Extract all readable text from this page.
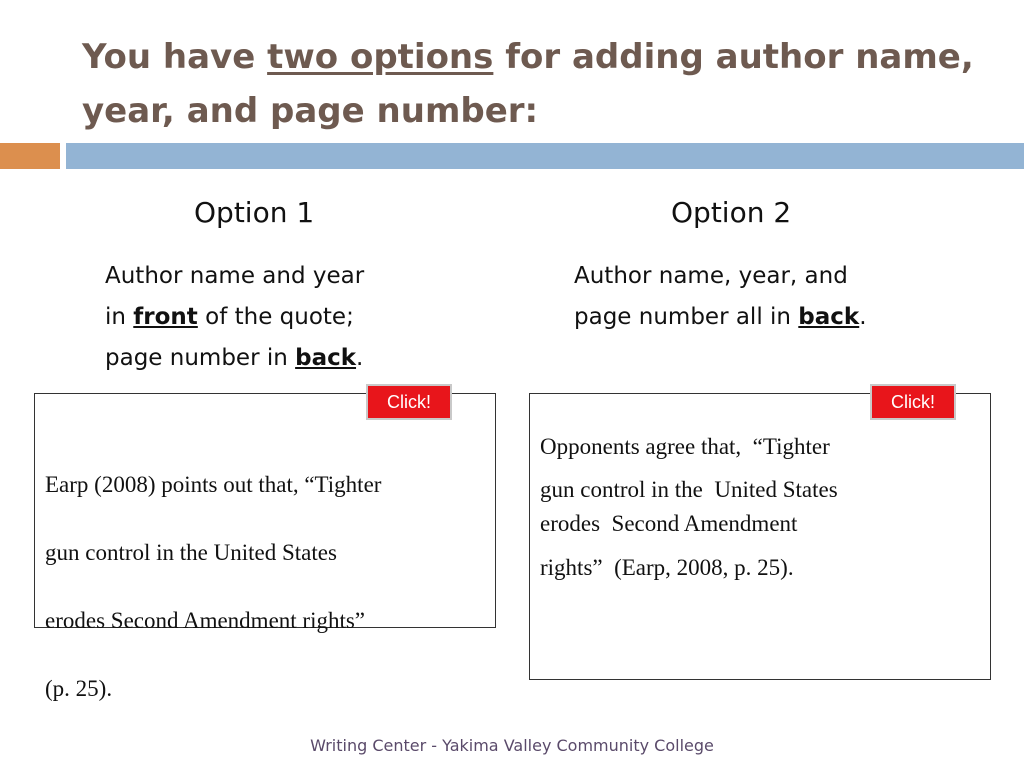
You have two options for adding author name,
year, and page number:
Option 1	Option 2
Author name and year
in front of the quote;
page number in back.
Author name, year, and
page number all in back.
Click!	Click!

Earp (2008) points out that, “Tighter

gun control in the United States

erodes Second Amendment rights”

(p. 25).

Opponents agree that,  “Tighter

gun control in the  United States

erodes  Second Amendment

rights”  (Earp, 2008, p. 25).

Writing Center - Yakima Valley Community College
